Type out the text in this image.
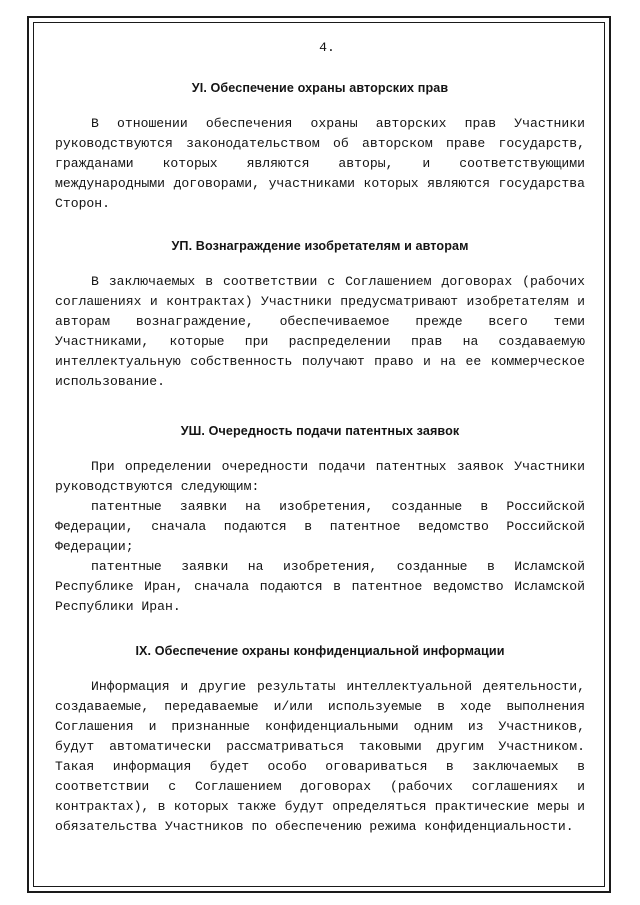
4.
УI. Обеспечение охраны авторских прав

В отношении обеспечения охраны авторских прав Участники руководствуются законодательством об авторском праве государств, гражданами которых являются авторы, и соответствующими международными договорами, участниками которых являются государства Сторон.

УП. Вознаграждение изобретателям и авторам

В заключаемых в соответствии с Соглашением договорах (рабочих соглашениях и контрактах) Участники предусматривают изобретателям и авторам вознаграждение, обеспечиваемое прежде всего теми Участниками, которые при распределении прав на создаваемую интеллектуальную собственность получают право и на ее коммерческое использование.

УШ. Очередность подачи патентных заявок

При определении очередности подачи патентных заявок Участники руководствуются следующим:

патентные заявки на изобретения, созданные в Российской Федерации, сначала подаются в патентное ведомство Российской Федерации;

патентные заявки на изобретения, созданные в Исламской Республике Иран, сначала подаются в патентное ведомство Исламской Республики Иран.

IX. Обеспечение охраны конфиденциальной информации

Информация и другие результаты интеллектуальной деятельности, создаваемые, передаваемые и/или используемые в ходе выполнения Соглашения и признанные конфиденциальными одним из Участников, будут автоматически рассматриваться таковыми другим Участником. Такая информация будет особо оговариваться в заключаемых в соответствии с Соглашением договорах (рабочих соглашениях и контрактах), в которых также будут определяться практические меры и обязательства Участников по обеспечению режима конфиденциальности.
